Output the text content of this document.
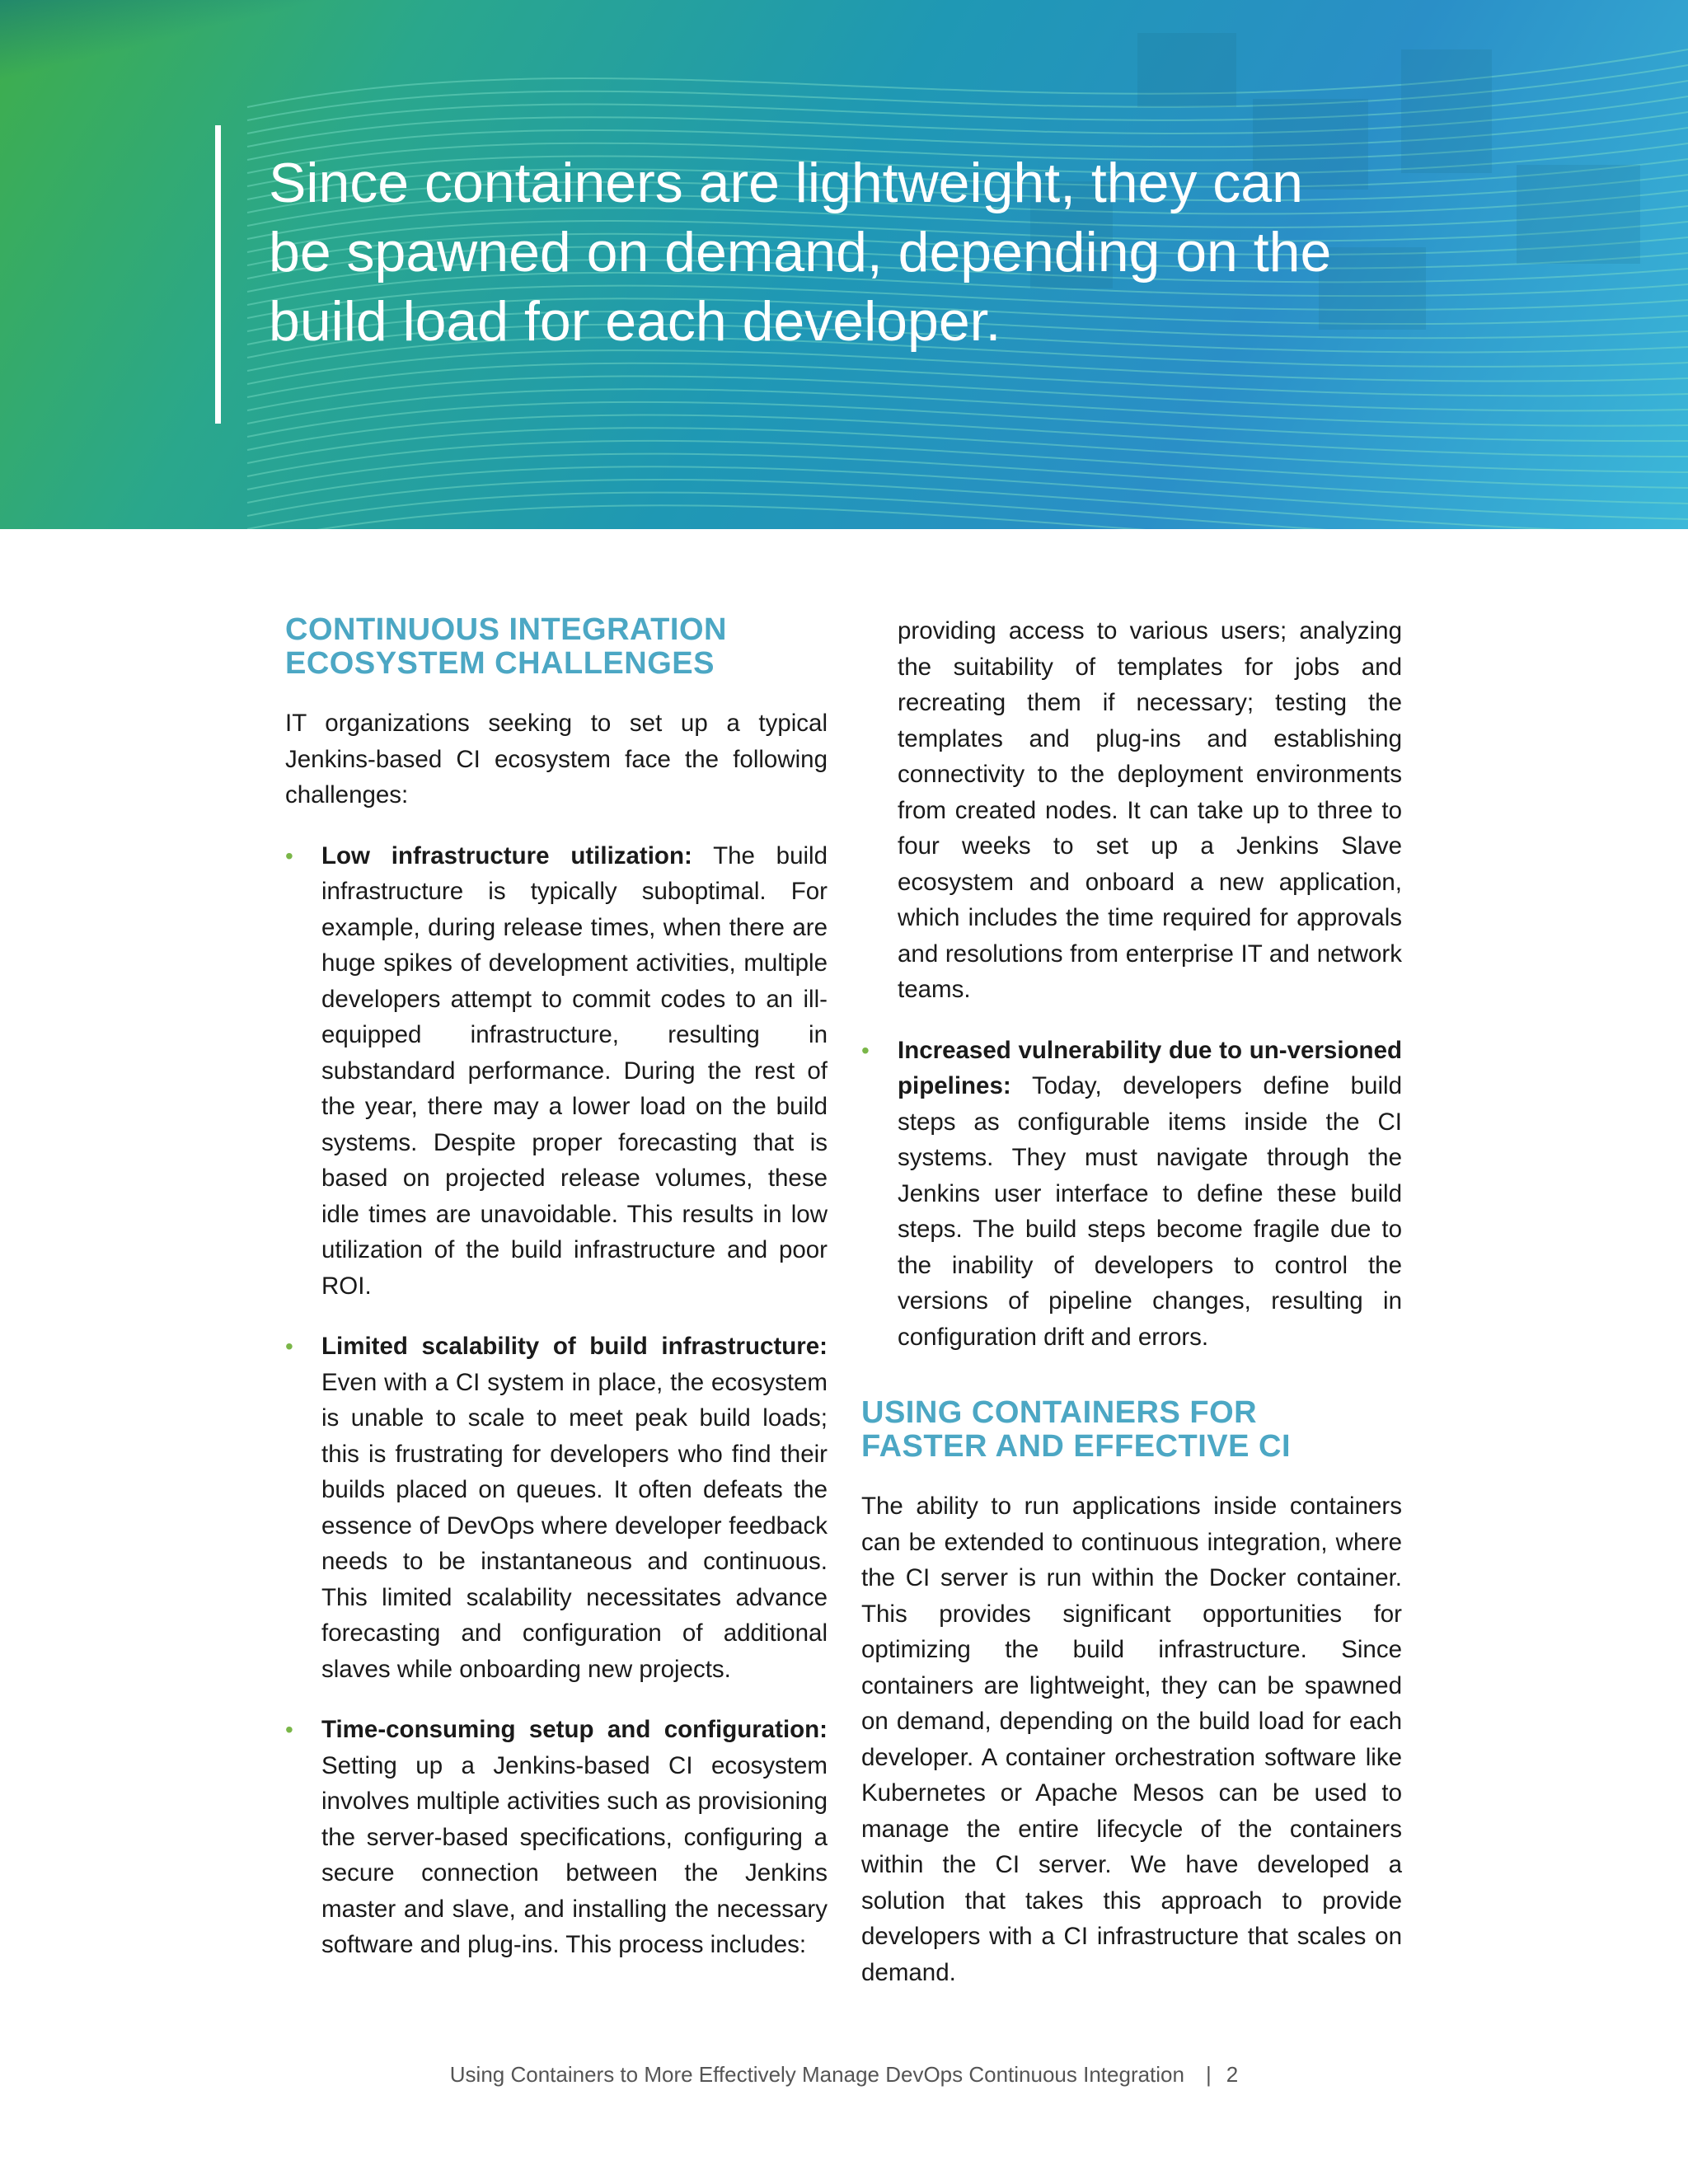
Since containers are lightweight, they can
be spawned on demand, depending on the
build load for each developer.
CONTINUOUS INTEGRATION
ECOSYSTEM CHALLENGES

IT organizations seeking to set up a typical Jenkins-based CI ecosystem face the following challenges:

• Low infrastructure utilization: The build infrastructure is typically suboptimal. For example, during release times, when there are huge spikes of development activities, multiple developers attempt to commit codes to an ill-equipped infrastructure, resulting in substandard performance. During the rest of the year, there may a lower load on the build systems. Despite proper forecasting that is based on projected release volumes, these idle times are unavoidable. This results in low utilization of the build infrastructure and poor ROI.
• Limited scalability of build infrastructure: Even with a CI system in place, the ecosystem is unable to scale to meet peak build loads; this is frustrating for developers who find their builds placed on queues. It often defeats the essence of DevOps where developer feedback needs to be instantaneous and continuous. This limited scalability necessitates advance forecasting and configuration of additional slaves while onboarding new projects.
• Time-consuming setup and configuration: Setting up a Jenkins-based CI ecosystem involves multiple activities such as provisioning the server-based specifications, configuring a secure connection between the Jenkins master and slave, and installing the necessary software and plug-ins. This process includes:
providing access to various users; analyzing the suitability of templates for jobs and recreating them if necessary; testing the templates and plug-ins and establishing connectivity to the deployment environments from created nodes. It can take up to three to four weeks to set up a Jenkins Slave ecosystem and onboard a new application, which includes the time required for approvals and resolutions from enterprise IT and network teams.
• Increased vulnerability due to un-versioned pipelines: Today, developers define build steps as configurable items inside the CI systems. They must navigate through the Jenkins user interface to define these build steps. The build steps become fragile due to the inability of developers to control the versions of pipeline changes, resulting in configuration drift and errors.
USING CONTAINERS FOR
FASTER AND EFFECTIVE CI

The ability to run applications inside containers can be extended to continuous integration, where the CI server is run within the Docker container. This provides significant opportunities for optimizing the build infrastructure. Since containers are lightweight, they can be spawned on demand, depending on the build load for each developer. A container orchestration software like Kubernetes or Apache Mesos can be used to manage the entire lifecycle of the containers within the CI server. We have developed a solution that takes this approach to provide developers with a CI infrastructure that scales on demand.

Using Containers to More Effectively Manage DevOps Continuous Integration | 2
